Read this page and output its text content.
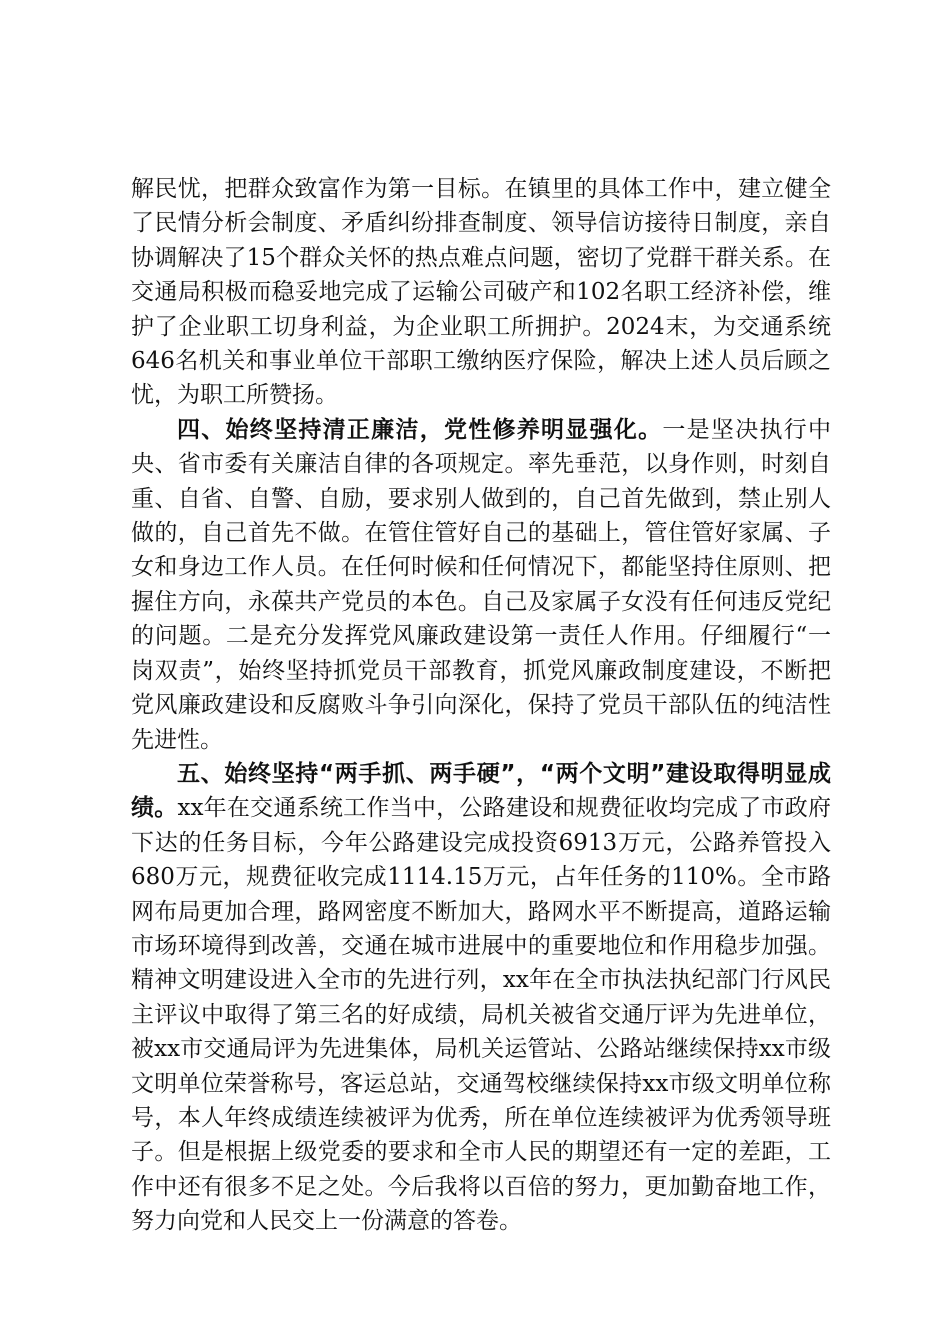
解民忧，把群众致富作为第一目标。在镇里的具体工作中，建立健全了民情分析会制度、矛盾纠纷排查制度、领导信访接待日制度，亲自协调解决了15个群众关怀的热点难点问题，密切了党群干群关系。在交通局积极而稳妥地完成了运输公司破产和102名职工经济补偿，维护了企业职工切身利益，为企业职工所拥护。2024末，为交通系统646名机关和事业单位干部职工缴纳医疗保险，解决上述人员后顾之忧，为职工所赞扬。

四、始终坚持清正廉洁，党性修养明显强化。一是坚决执行中央、省市委有关廉洁自律的各项规定。率先垂范，以身作则，时刻自重、自省、自警、自励，要求别人做到的，自己首先做到，禁止别人做的，自己首先不做。在管住管好自己的基础上，管住管好家属、子女和身边工作人员。在任何时候和任何情况下，都能坚持住原则、把握住方向，永葆共产党员的本色。自己及家属子女没有任何违反党纪的问题。二是充分发挥党风廉政建设第一责任人作用。仔细履行“一岗双责”，始终坚持抓党员干部教育，抓党风廉政制度建设，不断把党风廉政建设和反腐败斗争引向深化，保持了党员干部队伍的纯洁性先进性。

五、始终坚持“两手抓、两手硬”，“两个文明”建设取得明显成绩。xx年在交通系统工作当中，公路建设和规费征收均完成了市政府下达的任务目标，今年公路建设完成投资6913万元，公路养管投入680万元，规费征收完成1114.15万元，占年任务的110%。全市路网布局更加合理，路网密度不断加大，路网水平不断提高，道路运输市场环境得到改善，交通在城市进展中的重要地位和作用稳步加强。精神文明建设进入全市的先进行列，xx年在全市执法执纪部门行风民主评议中取得了第三名的好成绩，局机关被省交通厅评为先进单位，被xx市交通局评为先进集体，局机关运管站、公路站继续保持xx市级文明单位荣誉称号，客运总站，交通驾校继续保持xx市级文明单位称号，本人年终成绩连续被评为优秀，所在单位连续被评为优秀领导班子。但是根据上级党委的要求和全市人民的期望还有一定的差距，工作中还有很多不足之处。今后我将以百倍的努力，更加勤奋地工作，努力向党和人民交上一份满意的答卷。
